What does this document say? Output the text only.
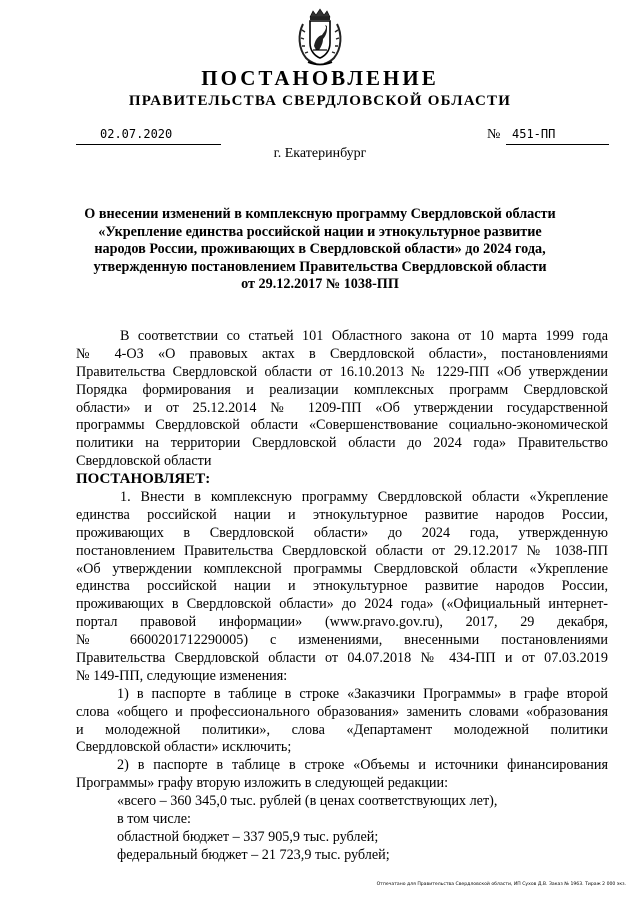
ПОСТАНОВЛЕНИЕ
ПРАВИТЕЛЬСТВА СВЕРДЛОВСКОЙ ОБЛАСТИ
02.07.2020	№ 451-ПП
г. Екатеринбург
О внесении изменений в комплексную программу Свердловской области
«Укрепление единства российской нации и этнокультурное развитие
народов России, проживающих в Свердловской области» до 2024 года,
утвержденную постановлением Правительства Свердловской области
от 29.12.2017 № 1038-ПП
В соответствии со статьей 101 Областного закона от 10 марта 1999 года
№ 4-ОЗ «О правовых актах в Свердловской области», постановлениями
Правительства Свердловской области от 16.10.2013 № 1229-ПП «Об утверждении
Порядка формирования и реализации комплексных программ Свердловской
области» и от 25.12.2014 № 1209-ПП «Об утверждении государственной
программы Свердловской области «Совершенствование социально-экономической
политики на территории Свердловской области до 2024 года» Правительство
Свердловской области
ПОСТАНОВЛЯЕТ:
1. Внести в комплексную программу Свердловской области «Укрепление
единства российской нации и этнокультурное развитие народов России,
проживающих в Свердловской области» до 2024 года, утвержденную
постановлением Правительства Свердловской области от 29.12.2017 № 1038-ПП
«Об утверждении комплексной программы Свердловской области «Укрепление
единства российской нации и этнокультурное развитие народов России,
проживающих в Свердловской области» до 2024 года» («Официальный интернет-
портал правовой информации» (www.pravo.gov.ru), 2017, 29 декабря,
№ 6600201712290005) с изменениями, внесенными постановлениями
Правительства Свердловской области от 04.07.2018 № 434-ПП и от 07.03.2019
№ 149-ПП, следующие изменения:
1) в паспорте в таблице в строке «Заказчики Программы» в графе второй
слова «общего и профессионального образования» заменить словами «образования
и молодежной политики», слова «Департамент молодежной политики
Свердловской области» исключить;
2) в паспорте в таблице в строке «Объемы и источники финансирования
Программы» графу вторую изложить в следующей редакции:
«всего – 360 345,0 тыс. рублей (в ценах соответствующих лет),
в том числе:
областной бюджет – 337 905,9 тыс. рублей;
федеральный бюджет – 21 723,9 тыс. рублей;
Отпечатано для Правительства Свердловской области, ИП Сухов Д.В. Заказ № 1963. Тираж 2 000 экз.
